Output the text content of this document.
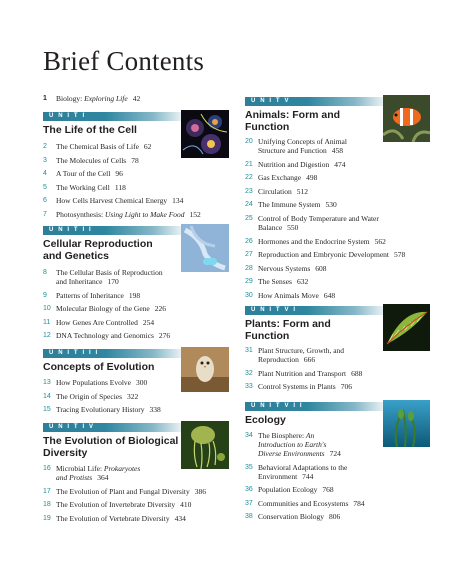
Brief Contents
1	Biology: Exploring Life 42
U N I T I
The Life of the Cell
2	The Chemical Basis of Life 62
3	The Molecules of Cells 78
4	A Tour of the Cell 96
5	The Working Cell 118
6	How Cells Harvest Chemical Energy 134
7	Photosynthesis: Using Light to Make Food 152
U N I T I I
Cellular Reproduction
and Genetics
8	The Cellular Basis of Reproduction
and Inheritance 170
9	Patterns of Inheritance 198
10 Molecular Biology of the Gene 226
11 How Genes Are Controlled 254
12 DNA Technology and Genomics 276
U N I T I I I
Concepts of Evolution
13 How Populations Evolve 300
14 The Origin of Species 322
15 Tracing Evolutionary History 338
U N I T I V
The Evolution of Biological
Diversity
16 Microbial Life: Prokaryotes
and Protists 364
17 The Evolution of Plant and Fungal Diversity 386
18 The Evolution of Invertebrate Diversity 410
19 The Evolution of Vertebrate Diversity 434
U N I T V
Animals: Form and
Function
20 Unifying Concepts of Animal
Structure and Function 458
21 Nutrition and Digestion 474
22 Gas Exchange 498
23 Circulation 512
24 The Immune System 530
25 Control of Body Temperature and Water
Balance 550
26 Hormones and the Endocrine System 562
27 Reproduction and Embryonic Development 578
28 Nervous Systems 608
29 The Senses 632
30 How Animals Move 648
U N I T V I
Plants: Form and
Function
31 Plant Structure, Growth, and
Reproduction 666
32 Plant Nutrition and Transport 688
33 Control Systems in Plants 706
U N I T V I I
Ecology
34 The Biosphere: An
Introduction to Earth's
Diverse Environments 724
35 Behavioral Adaptations to the
Environment 744
36 Population Ecology 768
37 Communities and Ecosystems 784
38 Conservation Biology 806
